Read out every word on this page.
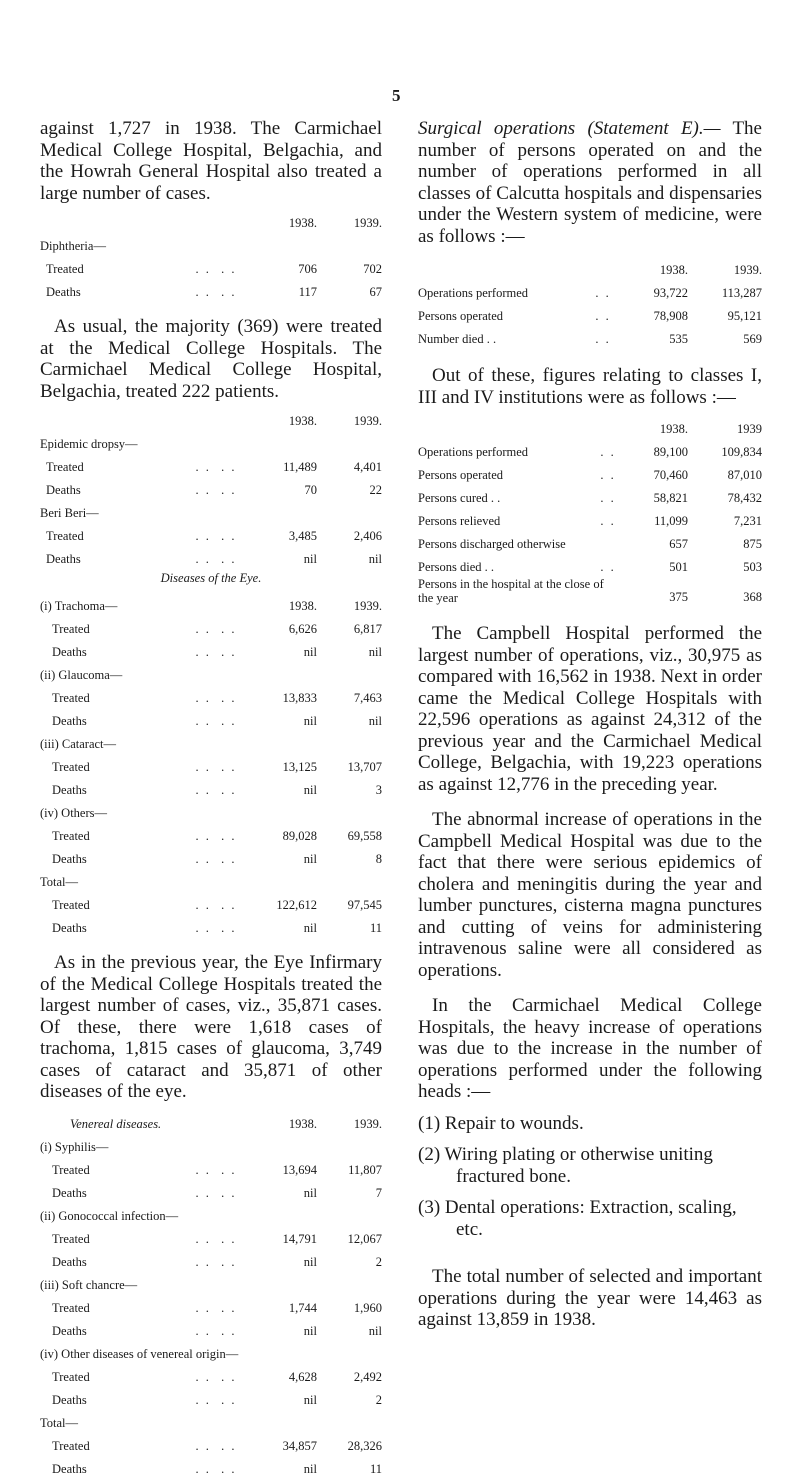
5

against 1,727 in 1938. The Carmichael Medical College Hospital, Belgachia, and the Howrah General Hospital also treated a large number of cases.

		1938.	1939.
Diphtheria—			
Treated	. .  . .	706	702
Deaths	. .  . .	117	67

As usual, the majority (369) were treated at the Medical College Hospitals. The Carmichael Medical College Hospital, Belgachia, treated 222 patients.

		1938.	1939.
Epidemic dropsy—			
Treated	. .  . .	11,489	4,401
Deaths	. .  . .	70	22
Beri Beri—			
Treated	. .  . .	3,485	2,406
Deaths	. .  . .	nil	nil
Diseases of the Eye.
(i) Trachoma—		1938.	1939.
Treated	. .  . .	6,626	6,817
Deaths	. .  . .	nil	nil
(ii) Glaucoma—			
Treated	. .  . .	13,833	7,463
Deaths	. .  . .	nil	nil
(iii) Cataract—			
Treated	. .  . .	13,125	13,707
Deaths	. .  . .	nil	3
(iv) Others—			
Treated	. .  . .	89,028	69,558
Deaths	. .  . .	nil	8
Total—			
Treated	. .  . .	122,612	97,545
Deaths	. .  . .	nil	11

As in the previous year, the Eye Infirmary of the Medical College Hospitals treated the largest number of cases, viz., 35,871 cases. Of these, there were 1,618 cases of trachoma, 1,815 cases of glaucoma, 3,749 cases of cataract and 35,871 of other diseases of the eye.

Venereal diseases.		1938.	1939.
(i) Syphilis—			
Treated	. .  . .	13,694	11,807
Deaths	. .  . .	nil	7
(ii) Gonococcal infection—			
Treated	. .  . .	14,791	12,067
Deaths	. .  . .	nil	2
(iii) Soft chancre—			
Treated	. .  . .	1,744	1,960
Deaths	. .  . .	nil	nil
(iv) Other diseases of venereal origin—			
Treated	. .  . .	4,628	2,492
Deaths	. .  . .	nil	2
Total—			
Treated	. .  . .	34,857	28,326
Deaths	. .  . .	nil	11

Surgical operations (Statement E).— The number of persons operated on and the number of operations performed in all classes of Calcutta hospitals and dispensaries under the Western system of medicine, were as follows :—

		1938.	1939.
Operations performed	. .	93,722	113,287
Persons operated	. .	78,908	95,121
Number died . .	. .	535	569

Out of these, figures relating to classes I, III and IV institutions were as follows :—

		1938.	1939
Operations performed	. .	89,100	109,834
Persons operated	. .	70,460	87,010
Persons cured . .	. .	58,821	78,432
Persons relieved	. .	11,099	7,231
Persons discharged otherwise		657	875
Persons died . .	. .	501	503
Persons in the hospital at the close of the year		375	368

The Campbell Hospital performed the largest number of operations, viz., 30,975 as compared with 16,562 in 1938. Next in order came the Medical College Hospitals with 22,596 operations as against 24,312 of the previous year and the Carmichael Medical College, Belgachia, with 19,223 operations as against 12,776 in the preceding year.

The abnormal increase of operations in the Campbell Medical Hospital was due to the fact that there were serious epidemics of cholera and meningitis during the year and lumber punctures, cisterna magna punctures and cutting of veins for administering intravenous saline were all considered as operations.

In the Carmichael Medical College Hospitals, the heavy increase of operations was due to the increase in the number of operations performed under the following heads :—

(1) Repair to wounds.
(2) Wiring plating or otherwise uniting fractured bone.
(3) Dental operations: Extraction, scaling, etc.

The total number of selected and important operations during the year were 14,463 as against 13,859 in 1938.
